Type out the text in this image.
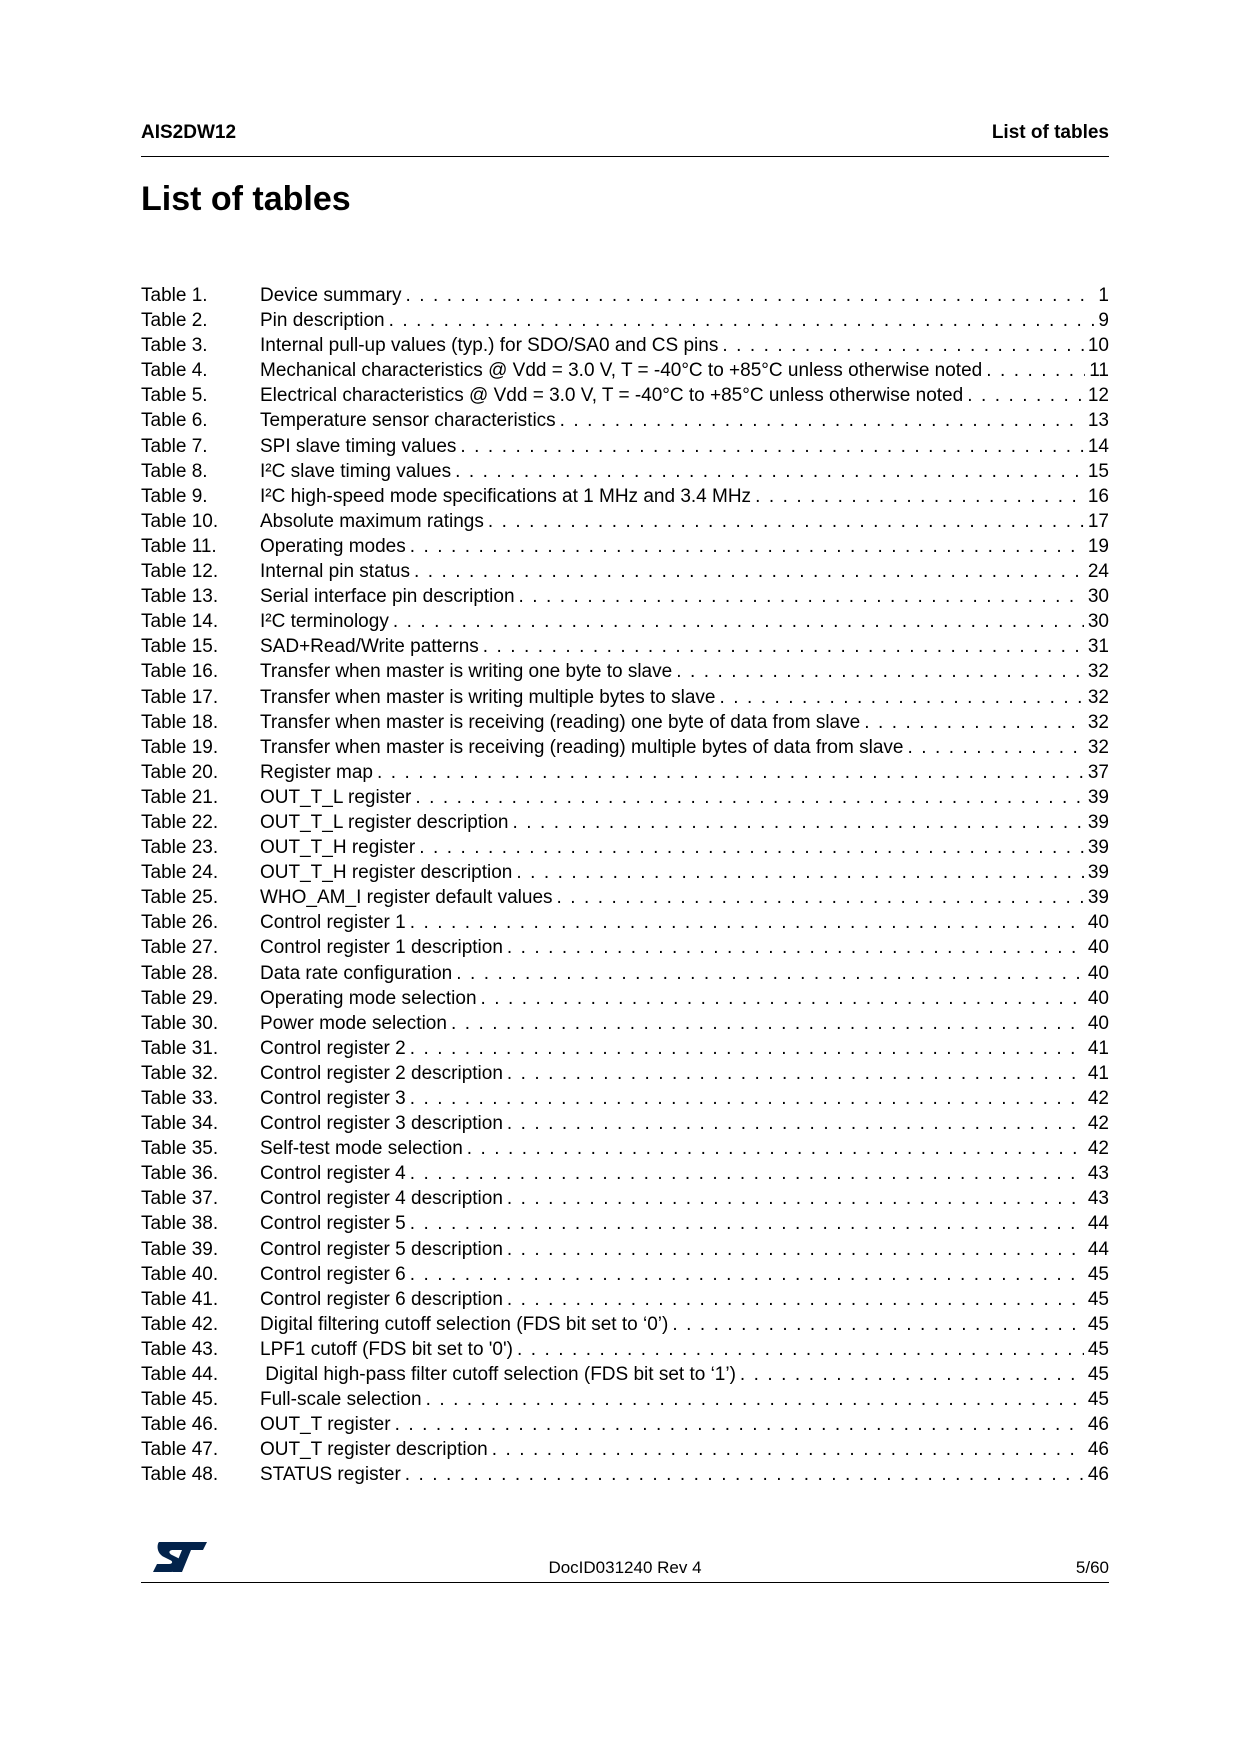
AIS2DW12	List of tables
List of tables
Table 1.	Device summary . . .	1
Table 2.	Pin description . . .	9
Table 3.	Internal pull-up values (typ.) for SDO/SA0 and CS pins . . .	10
Table 4.	Mechanical characteristics @ Vdd = 3.0 V, T = -40°C to +85°C unless otherwise noted . . .	11
Table 5.	Electrical characteristics @ Vdd = 3.0 V, T = -40°C to +85°C unless otherwise noted . . .	12
Table 6.	Temperature sensor characteristics . . .	13
Table 7.	SPI slave timing values . . .	14
Table 8.	I²C slave timing values . . .	15
Table 9.	I²C high-speed mode specifications at 1 MHz and 3.4 MHz . . .	16
Table 10.	Absolute maximum ratings . . .	17
Table 11.	Operating modes . . .	19
Table 12.	Internal pin status . . .	24
Table 13.	Serial interface pin description . . .	30
Table 14.	I²C terminology . . .	30
Table 15.	SAD+Read/Write patterns . . .	31
Table 16.	Transfer when master is writing one byte to slave . . .	32
Table 17.	Transfer when master is writing multiple bytes to slave . . .	32
Table 18.	Transfer when master is receiving (reading) one byte of data from slave . . .	32
Table 19.	Transfer when master is receiving (reading) multiple bytes of data from slave . . .	32
Table 20.	Register map . . .	37
Table 21.	OUT_T_L register . . .	39
Table 22.	OUT_T_L register description . . .	39
Table 23.	OUT_T_H register . . .	39
Table 24.	OUT_T_H register description . . .	39
Table 25.	WHO_AM_I register default values . . .	39
Table 26.	Control register 1 . . .	40
Table 27.	Control register 1 description . . .	40
Table 28.	Data rate configuration . . .	40
Table 29.	Operating mode selection . . .	40
Table 30.	Power mode selection . . .	40
Table 31.	Control register 2 . . .	41
Table 32.	Control register 2 description . . .	41
Table 33.	Control register 3 . . .	42
Table 34.	Control register 3 description . . .	42
Table 35.	Self-test mode selection . . .	42
Table 36.	Control register 4 . . .	43
Table 37.	Control register 4 description . . .	43
Table 38.	Control register 5 . . .	44
Table 39.	Control register 5 description . . .	44
Table 40.	Control register 6 . . .	45
Table 41.	Control register 6 description . . .	45
Table 42.	Digital filtering cutoff selection (FDS bit set to ‘0’) . . .	45
Table 43.	LPF1 cutoff (FDS bit set to '0') . . .	45
Table 44.	Digital high-pass filter cutoff selection (FDS bit set to ‘1’) . . .	45
Table 45.	Full-scale selection . . .	45
Table 46.	OUT_T register . . .	46
Table 47.	OUT_T register description . . .	46
Table 48.	STATUS register . . .	46
DocID031240 Rev 4	5/60
